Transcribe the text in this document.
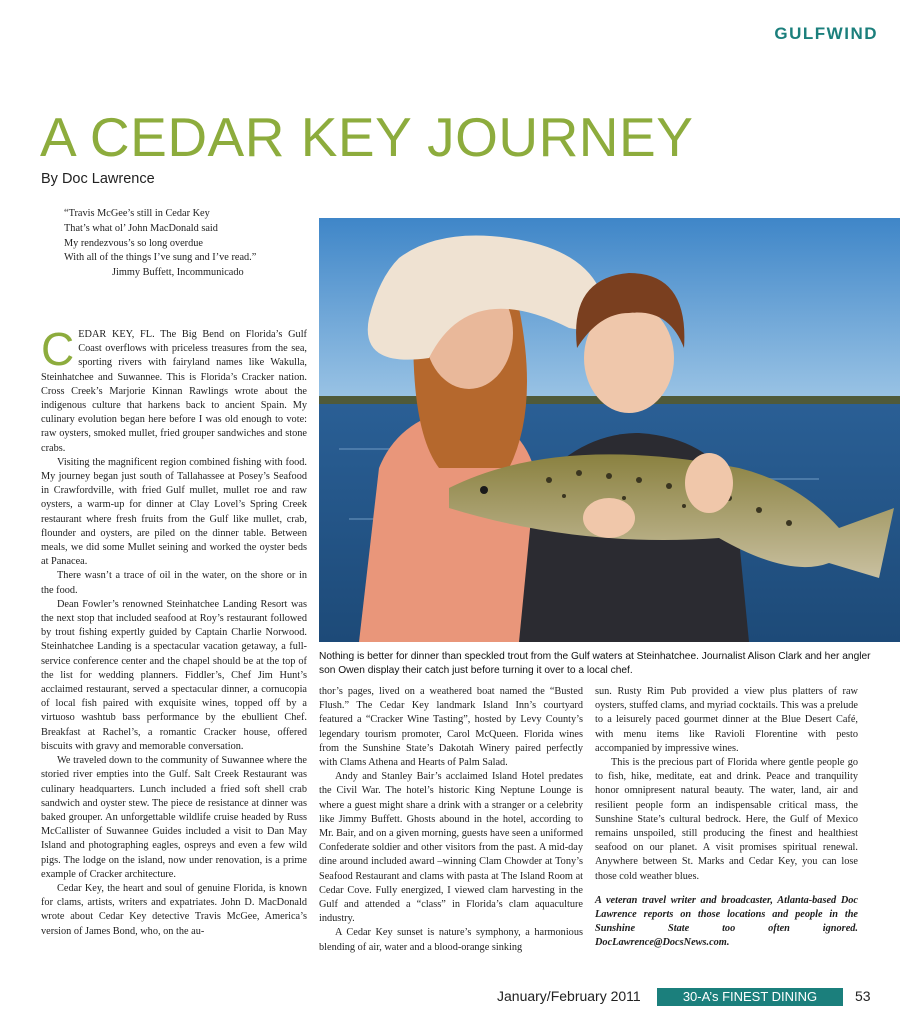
GULFWIND
A CEDAR KEY JOURNEY
By Doc Lawrence
“Travis McGee’s still in Cedar Key
That’s what ol’ John MacDonald said
My rendezvous’s so long overdue
With all of the things I’ve sung and I’ve read.”
Jimmy Buffett, Incommunicado

CEDAR KEY, FL. The Big Bend on Florida’s Gulf Coast overflows with priceless treasures from the sea, sporting rivers with fairyland names like Wakulla, Steinhatchee and Suwannee. This is Florida’s Cracker nation. Cross Creek’s Marjorie Kinnan Rawlings wrote about the indigenous culture that harkens back to ancient Spain. My culinary evolution began here before I was old enough to vote: raw oysters, smoked mullet, fried grouper sandwiches and stone crabs.

Visiting the magnificent region combined fishing with food. My journey began just south of Tallahassee at Posey’s Seafood in Crawfordville, with fried Gulf mullet, mullet roe and raw oysters, a warm-up for dinner at Clay Lovel’s Spring Creek restaurant where fresh fruits from the Gulf like mullet, crab, flounder and oysters, are piled on the dinner table. Between meals, we did some Mullet seining and worked the oyster beds at Panacea.

There wasn’t a trace of oil in the water, on the shore or in the food.

Dean Fowler’s renowned Steinhatchee Landing Resort was the next stop that included seafood at Roy’s restaurant followed by trout fishing expertly guided by Captain Charlie Norwood. Steinhatchee Landing is a spectacular vacation getaway, a full-service conference center and the chapel should be at the top of the list for wedding planners. Fiddler’s, Chef Jim Hunt’s acclaimed restaurant, served a spectacular dinner, a cornucopia of local fish paired with exquisite wines, topped off by a virtuoso washtub bass performance by the ebullient Chef. Breakfast at Rachel’s, a romantic Cracker house, offered biscuits with gravy and memorable conversation.

We traveled down to the community of Suwannee where the storied river empties into the Gulf. Salt Creek Restaurant was culinary headquarters. Lunch included a fried soft shell crab sandwich and oyster stew. The piece de resistance at dinner was baked grouper. An unforgettable wildlife cruise headed by Russ McCallister of Suwannee Guides included a visit to Dan May Island and photographing eagles, ospreys and even a few wild pigs. The lodge on the island, now under renovation, is a prime example of Cracker architecture.

Cedar Key, the heart and soul of genuine Florida, is known for clams, artists, writers and expatriates. John D. MacDonald wrote about Cedar Key detective Travis McGee, America’s version of James Bond, who, on the au-

Nothing is better for dinner than speckled trout from the Gulf waters at Steinhatchee. Journalist Alison Clark and her angler son Owen display their catch just before turning it over to a local chef.

thor’s pages, lived on a weathered boat named the “Busted Flush.” The Cedar Key landmark Island Inn’s courtyard featured a “Cracker Wine Tasting”, hosted by Levy County’s legendary tourism promoter, Carol McQueen. Florida wines from the Sunshine State’s Dakotah Winery paired perfectly with Clams Athena and Hearts of Palm Salad.

Andy and Stanley Bair’s acclaimed Island Hotel predates the Civil War. The hotel’s historic King Neptune Lounge is where a guest might share a drink with a stranger or a celebrity like Jimmy Buffett. Ghosts abound in the hotel, according to Mr. Bair, and on a given morning, guests have seen a uniformed Confederate soldier and other visitors from the past. A mid-day dine around included award –winning Clam Chowder at Tony’s Seafood Restaurant and clams with pasta at The Island Room at Cedar Cove. Fully energized, I viewed clam harvesting in the Gulf and attended a “class” in Florida’s clam aquaculture industry.

A Cedar Key sunset is nature’s symphony, a harmonious blending of air, water and a blood-orange sinking

sun. Rusty Rim Pub provided a view plus platters of raw oysters, stuffed clams, and myriad cocktails. This was a prelude to a leisurely paced gourmet dinner at the Blue Desert Café, with menu items like Ravioli Florentine with pesto accompanied by impressive wines.

This is the precious part of Florida where gentle people go to fish, hike, meditate, eat and drink. Peace and tranquility honor omnipresent natural beauty. The water, land, air and resilient people form an indispensable critical mass, the Sunshine State’s cultural bedrock. Here, the Gulf of Mexico remains unspoiled, still producing the finest and healthiest seafood on our planet. A visit promises spiritual renewal. Anywhere between St. Marks and Cedar Key, you can lose those cold weather blues.

A veteran travel writer and broadcaster, Atlanta-based Doc Lawrence reports on those locations and people in the Sunshine State too often ignored. DocLawrence@DocsNews.com.

January/February 2011	30-A’s FINEST DINING	53
